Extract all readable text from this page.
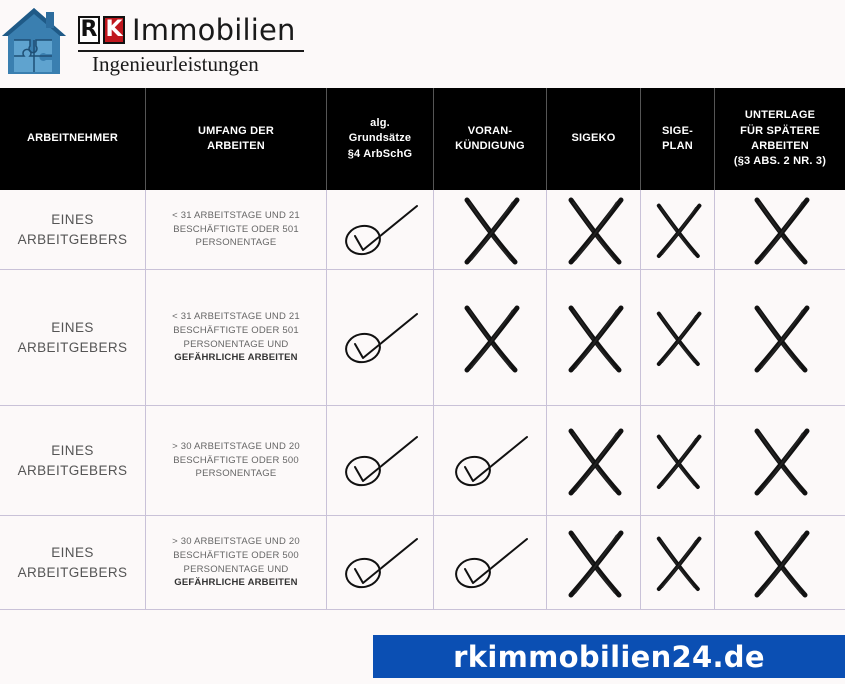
R K Immobilien
Ingenieurleistungen
ARBEITNEHMER
UMFANG DER
ARBEITEN
alg.
Grundsätze
§4 ArbSchG
VORAN-
KÜNDIGUNG
SIGEKO
SIGE-
PLAN
UNTERLAGE
FÜR SPÄTERE
ARBEITEN
(§3 ABS. 2 NR. 3)
EINES
ARBEITGEBERS
< 31 ARBEITSTAGE UND 21 BESCHÄFTIGTE ODER 501 PERSONENTAGE
EINES
ARBEITGEBERS
< 31 ARBEITSTAGE UND 21 BESCHÄFTIGTE ODER 501 PERSONENTAGE UND
GEFÄHRLICHE ARBEITEN
EINES
ARBEITGEBERS
> 30 ARBEITSTAGE UND 20 BESCHÄFTIGTE ODER 500 PERSONENTAGE
EINES
ARBEITGEBERS
> 30 ARBEITSTAGE UND 20 BESCHÄFTIGTE ODER 500 PERSONENTAGE UND
GEFÄHRLICHE ARBEITEN
rkimmobilien24.de
